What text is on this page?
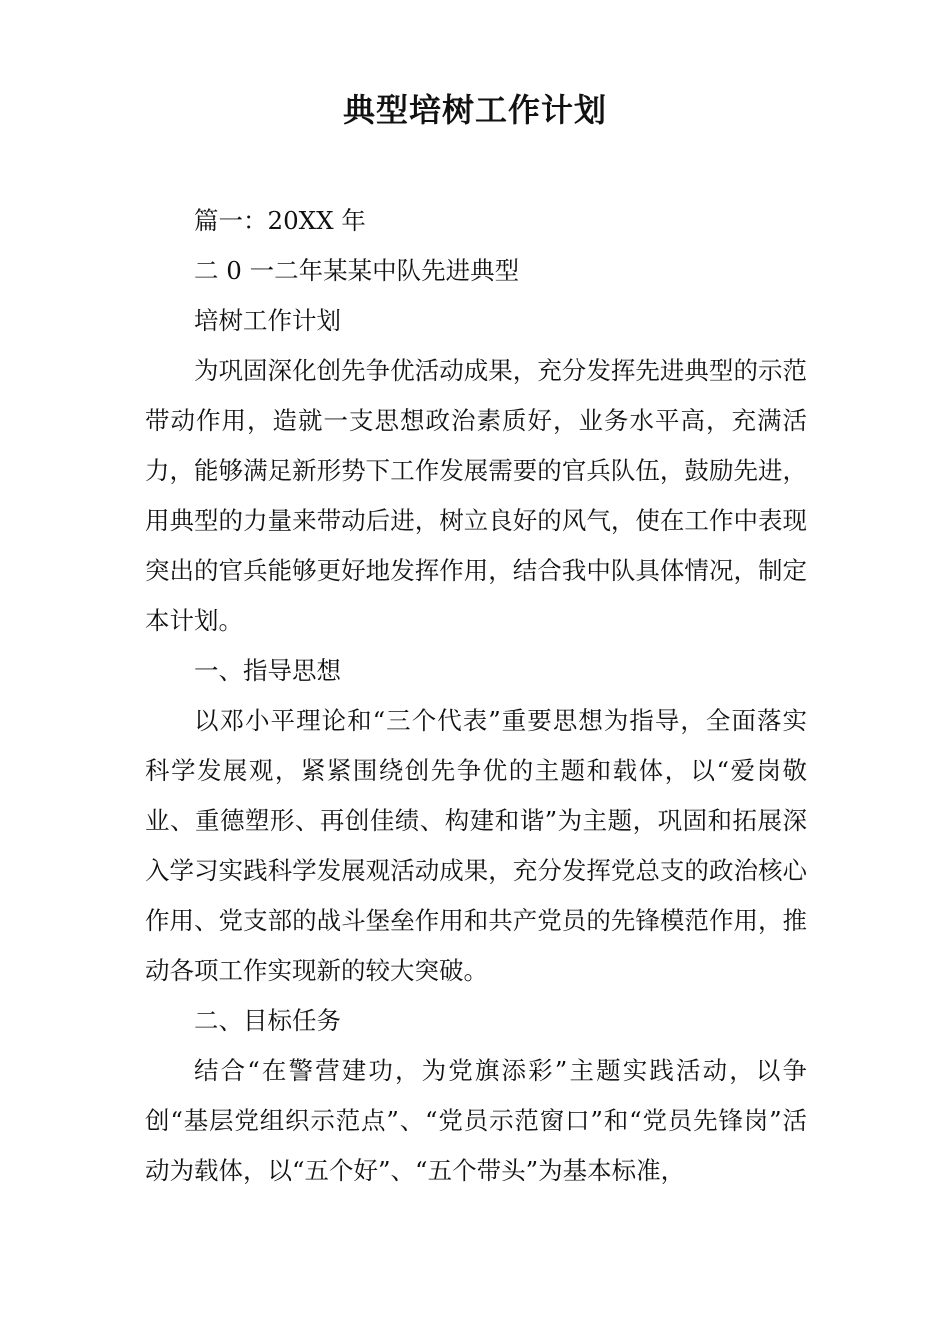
典型培树工作计划

篇一：20XX 年

二 0 一二年某某中队先进典型

培树工作计划

为巩固深化创先争优活动成果，充分发挥先进典型的示范带动作用，造就一支思想政治素质好，业务水平高，充满活力，能够满足新形势下工作发展需要的官兵队伍，鼓励先进，用典型的力量来带动后进，树立良好的风气，使在工作中表现突出的官兵能够更好地发挥作用，结合我中队具体情况，制定本计划。

一、指导思想

以邓小平理论和“三个代表”重要思想为指导，全面落实科学发展观，紧紧围绕创先争优的主题和载体，以“爱岗敬业、重德塑形、再创佳绩、构建和谐”为主题，巩固和拓展深入学习实践科学发展观活动成果，充分发挥党总支的政治核心作用、党支部的战斗堡垒作用和共产党员的先锋模范作用，推动各项工作实现新的较大突破。

二、目标任务

结合“在警营建功，为党旗添彩”主题实践活动，以争创“基层党组织示范点”、“党员示范窗口”和“党员先锋岗”活动为载体，以“五个好”、“五个带头”为基本标准，
